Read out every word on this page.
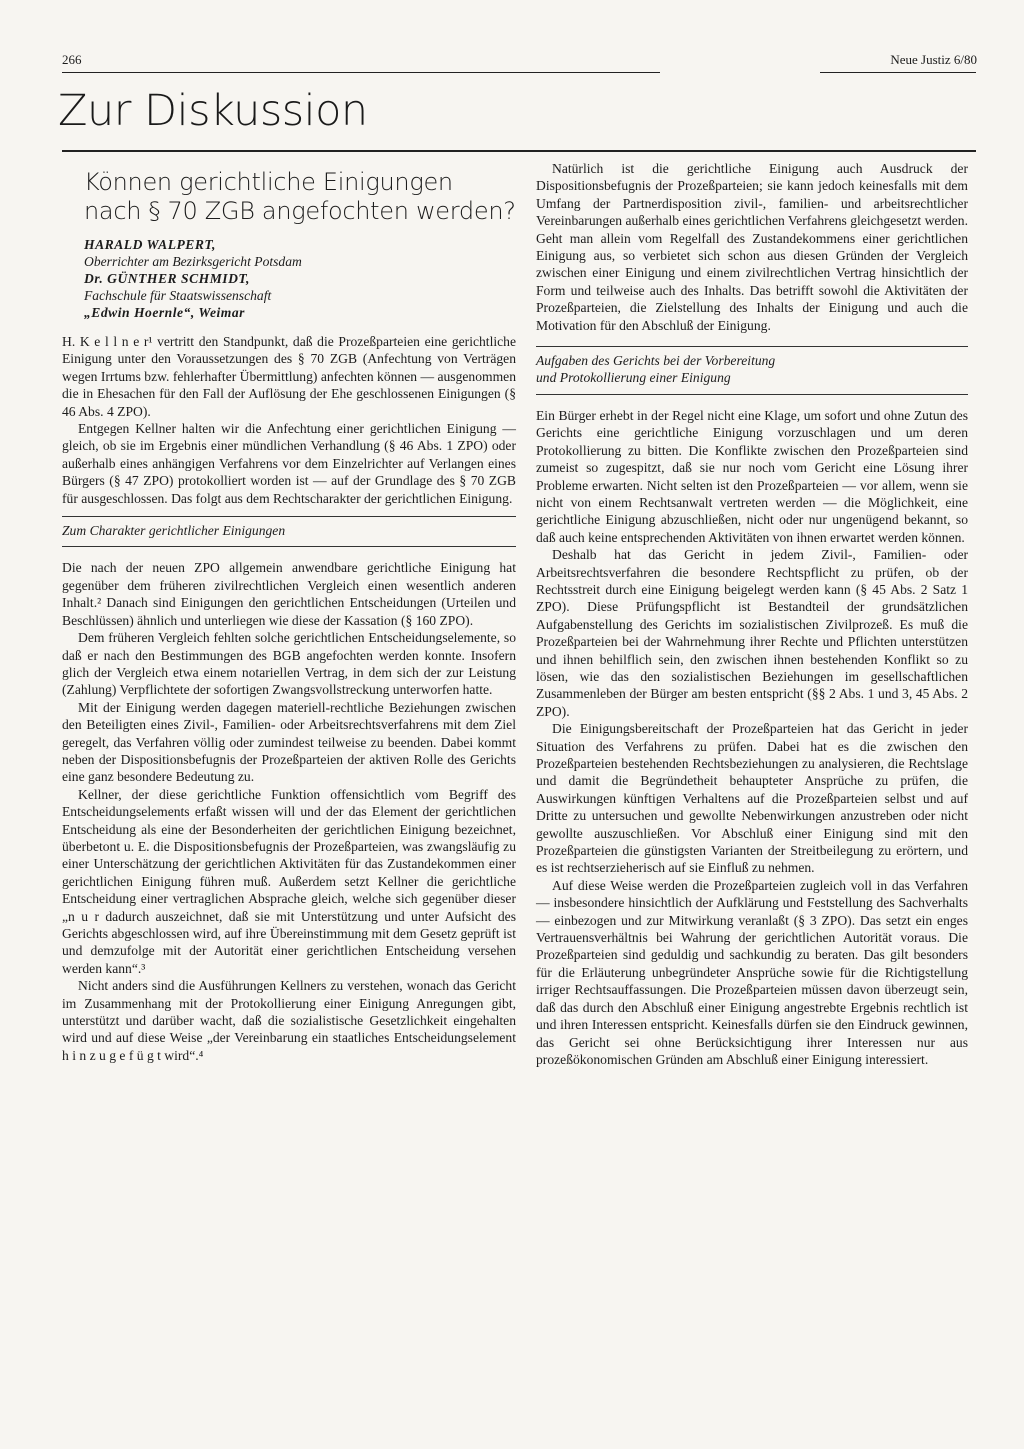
266	Neue Justiz 6/80
Zur Diskussion
Können gerichtliche Einigungen
nach § 70 ZGB angefochten werden?
HARALD WALPERT,
Oberrichter am Bezirksgericht Potsdam
Dr. GÜNTHER SCHMIDT,
Fachschule für Staatswissenschaft
„Edwin Hoernle“, Weimar

H. K e l l n e r¹ vertritt den Standpunkt, daß die Prozeßparteien eine gerichtliche Einigung unter den Voraussetzungen des § 70 ZGB (Anfechtung von Verträgen wegen Irrtums bzw. fehlerhafter Übermittlung) anfechten können — ausgenommen die in Ehesachen für den Fall der Auflösung der Ehe geschlossenen Einigungen (§ 46 Abs. 4 ZPO).

Entgegen Kellner halten wir die Anfechtung einer gerichtlichen Einigung — gleich, ob sie im Ergebnis einer mündlichen Verhandlung (§ 46 Abs. 1 ZPO) oder außerhalb eines anhängigen Verfahrens vor dem Einzelrichter auf Verlangen eines Bürgers (§ 47 ZPO) protokolliert worden ist — auf der Grundlage des § 70 ZGB für ausgeschlossen. Das folgt aus dem Rechtscharakter der gerichtlichen Einigung.

Zum Charakter gerichtlicher Einigungen

Die nach der neuen ZPO allgemein anwendbare gerichtliche Einigung hat gegenüber dem früheren zivilrechtlichen Vergleich einen wesentlich anderen Inhalt.² Danach sind Einigungen den gerichtlichen Entscheidungen (Urteilen und Beschlüssen) ähnlich und unterliegen wie diese der Kassation (§ 160 ZPO).

Dem früheren Vergleich fehlten solche gerichtlichen Entscheidungselemente, so daß er nach den Bestimmungen des BGB angefochten werden konnte. Insofern glich der Vergleich etwa einem notariellen Vertrag, in dem sich der zur Leistung (Zahlung) Verpflichtete der sofortigen Zwangsvollstreckung unterworfen hatte.

Mit der Einigung werden dagegen materiell-rechtliche Beziehungen zwischen den Beteiligten eines Zivil-, Familien- oder Arbeitsrechtsverfahrens mit dem Ziel geregelt, das Verfahren völlig oder zumindest teilweise zu beenden. Dabei kommt neben der Dispositionsbefugnis der Prozeßparteien der aktiven Rolle des Gerichts eine ganz besondere Bedeutung zu.

Kellner, der diese gerichtliche Funktion offensichtlich vom Begriff des Entscheidungselements erfaßt wissen will und der das Element der gerichtlichen Entscheidung als eine der Besonderheiten der gerichtlichen Einigung bezeichnet, überbetont u. E. die Dispositionsbefugnis der Prozeßparteien, was zwangsläufig zu einer Unterschätzung der gerichtlichen Aktivitäten für das Zustandekommen einer gerichtlichen Einigung führen muß. Außerdem setzt Kellner die gerichtliche Entscheidung einer vertraglichen Absprache gleich, welche sich gegenüber dieser „n u r dadurch auszeichnet, daß sie mit Unterstützung und unter Aufsicht des Gerichts abgeschlossen wird, auf ihre Übereinstimmung mit dem Gesetz geprüft ist und demzufolge mit der Autorität einer gerichtlichen Entscheidung versehen werden kann“.³

Nicht anders sind die Ausführungen Kellners zu verstehen, wonach das Gericht im Zusammenhang mit der Protokollierung einer Einigung Anregungen gibt, unterstützt und darüber wacht, daß die sozialistische Gesetzlichkeit eingehalten wird und auf diese Weise „der Vereinbarung ein staatliches Entscheidungselement h i n z u g e f ü g t wird“.⁴

Natürlich ist die gerichtliche Einigung auch Ausdruck der Dispositionsbefugnis der Prozeßparteien; sie kann jedoch keinesfalls mit dem Umfang der Partnerdisposition zivil-, familien- und arbeitsrechtlicher Vereinbarungen außerhalb eines gerichtlichen Verfahrens gleichgesetzt werden. Geht man allein vom Regelfall des Zustandekommens einer gerichtlichen Einigung aus, so verbietet sich schon aus diesen Gründen der Vergleich zwischen einer Einigung und einem zivilrechtlichen Vertrag hinsichtlich der Form und teilweise auch des Inhalts. Das betrifft sowohl die Aktivitäten der Prozeßparteien, die Zielstellung des Inhalts der Einigung und auch die Motivation für den Abschluß der Einigung.

Aufgaben des Gerichts bei der Vorbereitung
und Protokollierung einer Einigung

Ein Bürger erhebt in der Regel nicht eine Klage, um sofort und ohne Zutun des Gerichts eine gerichtliche Einigung vorzuschlagen und um deren Protokollierung zu bitten. Die Konflikte zwischen den Prozeßparteien sind zumeist so zugespitzt, daß sie nur noch vom Gericht eine Lösung ihrer Probleme erwarten. Nicht selten ist den Prozeßparteien — vor allem, wenn sie nicht von einem Rechtsanwalt vertreten werden — die Möglichkeit, eine gerichtliche Einigung abzuschließen, nicht oder nur ungenügend bekannt, so daß auch keine entsprechenden Aktivitäten von ihnen erwartet werden können.

Deshalb hat das Gericht in jedem Zivil-, Familien- oder Arbeitsrechtsverfahren die besondere Rechtspflicht zu prüfen, ob der Rechtsstreit durch eine Einigung beigelegt werden kann (§ 45 Abs. 2 Satz 1 ZPO). Diese Prüfungspflicht ist Bestandteil der grundsätzlichen Aufgabenstellung des Gerichts im sozialistischen Zivilprozeß. Es muß die Prozeßparteien bei der Wahrnehmung ihrer Rechte und Pflichten unterstützen und ihnen behilflich sein, den zwischen ihnen bestehenden Konflikt so zu lösen, wie das den sozialistischen Beziehungen im gesellschaftlichen Zusammenleben der Bürger am besten entspricht (§§ 2 Abs. 1 und 3, 45 Abs. 2 ZPO).

Die Einigungsbereitschaft der Prozeßparteien hat das Gericht in jeder Situation des Verfahrens zu prüfen. Dabei hat es die zwischen den Prozeßparteien bestehenden Rechtsbeziehungen zu analysieren, die Rechtslage und damit die Begründetheit behaupteter Ansprüche zu prüfen, die Auswirkungen künftigen Verhaltens auf die Prozeßparteien selbst und auf Dritte zu untersuchen und gewollte Nebenwirkungen anzustreben oder nicht gewollte auszuschließen. Vor Abschluß einer Einigung sind mit den Prozeßparteien die günstigsten Varianten der Streitbeilegung zu erörtern, und es ist rechtserzieherisch auf sie Einfluß zu nehmen.

Auf diese Weise werden die Prozeßparteien zugleich voll in das Verfahren — insbesondere hinsichtlich der Aufklärung und Feststellung des Sachverhalts — einbezogen und zur Mitwirkung veranlaßt (§ 3 ZPO). Das setzt ein enges Vertrauensverhältnis bei Wahrung der gerichtlichen Autorität voraus. Die Prozeßparteien sind geduldig und sachkundig zu beraten. Das gilt besonders für die Erläuterung unbegründeter Ansprüche sowie für die Richtigstellung irriger Rechtsauffassungen. Die Prozeßparteien müssen davon überzeugt sein, daß das durch den Abschluß einer Einigung angestrebte Ergebnis rechtlich ist und ihren Interessen entspricht. Keinesfalls dürfen sie den Eindruck gewinnen, das Gericht sei ohne Berücksichtigung ihrer Interessen nur aus prozeßökonomischen Gründen am Abschluß einer Einigung interessiert.
